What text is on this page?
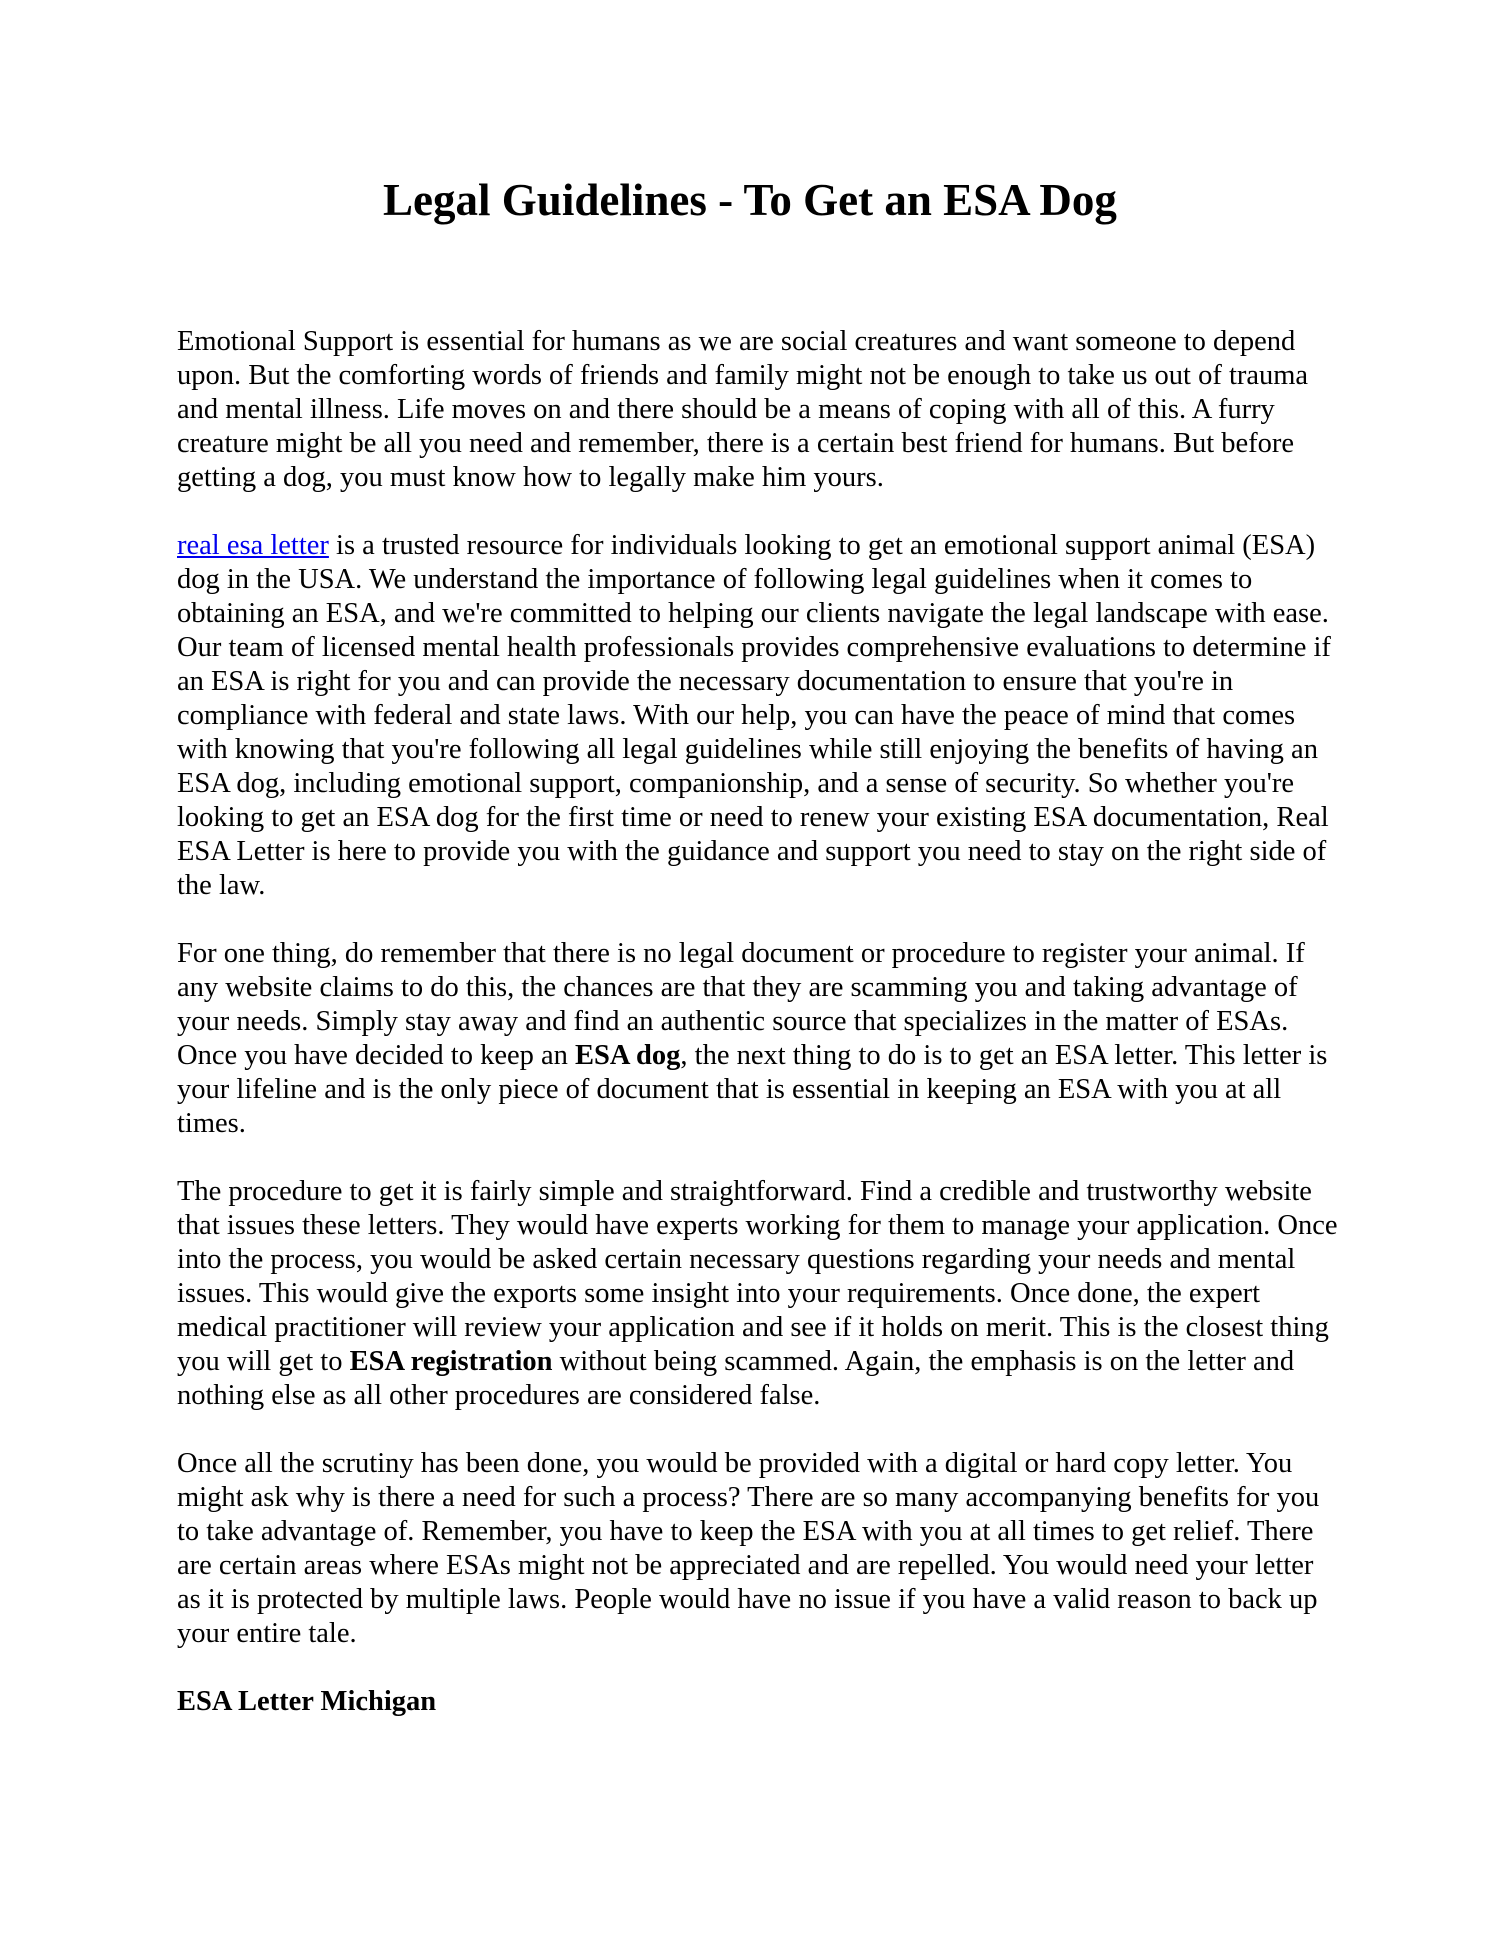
Legal Guidelines - To Get an ESA Dog

Emotional Support is essential for humans as we are social creatures and want someone to depend upon. But the comforting words of friends and family might not be enough to take us out of trauma and mental illness. Life moves on and there should be a means of coping with all of this. A furry creature might be all you need and remember, there is a certain best friend for humans. But before getting a dog, you must know how to legally make him yours.

real esa letter is a trusted resource for individuals looking to get an emotional support animal (ESA) dog in the USA. We understand the importance of following legal guidelines when it comes to obtaining an ESA, and we're committed to helping our clients navigate the legal landscape with ease. Our team of licensed mental health professionals provides comprehensive evaluations to determine if an ESA is right for you and can provide the necessary documentation to ensure that you're in compliance with federal and state laws. With our help, you can have the peace of mind that comes with knowing that you're following all legal guidelines while still enjoying the benefits of having an ESA dog, including emotional support, companionship, and a sense of security. So whether you're looking to get an ESA dog for the first time or need to renew your existing ESA documentation, Real ESA Letter is here to provide you with the guidance and support you need to stay on the right side of the law.

For one thing, do remember that there is no legal document or procedure to register your animal. If any website claims to do this, the chances are that they are scamming you and taking advantage of your needs. Simply stay away and find an authentic source that specializes in the matter of ESAs. Once you have decided to keep an ESA dog, the next thing to do is to get an ESA letter. This letter is your lifeline and is the only piece of document that is essential in keeping an ESA with you at all times.

The procedure to get it is fairly simple and straightforward. Find a credible and trustworthy website that issues these letters. They would have experts working for them to manage your application. Once into the process, you would be asked certain necessary questions regarding your needs and mental issues. This would give the exports some insight into your requirements. Once done, the expert medical practitioner will review your application and see if it holds on merit. This is the closest thing you will get to ESA registration without being scammed. Again, the emphasis is on the letter and nothing else as all other procedures are considered false.

Once all the scrutiny has been done, you would be provided with a digital or hard copy letter. You might ask why is there a need for such a process? There are so many accompanying benefits for you to take advantage of. Remember, you have to keep the ESA with you at all times to get relief. There are certain areas where ESAs might not be appreciated and are repelled. You would need your letter as it is protected by multiple laws. People would have no issue if you have a valid reason to back up your entire tale.

ESA Letter Michigan
